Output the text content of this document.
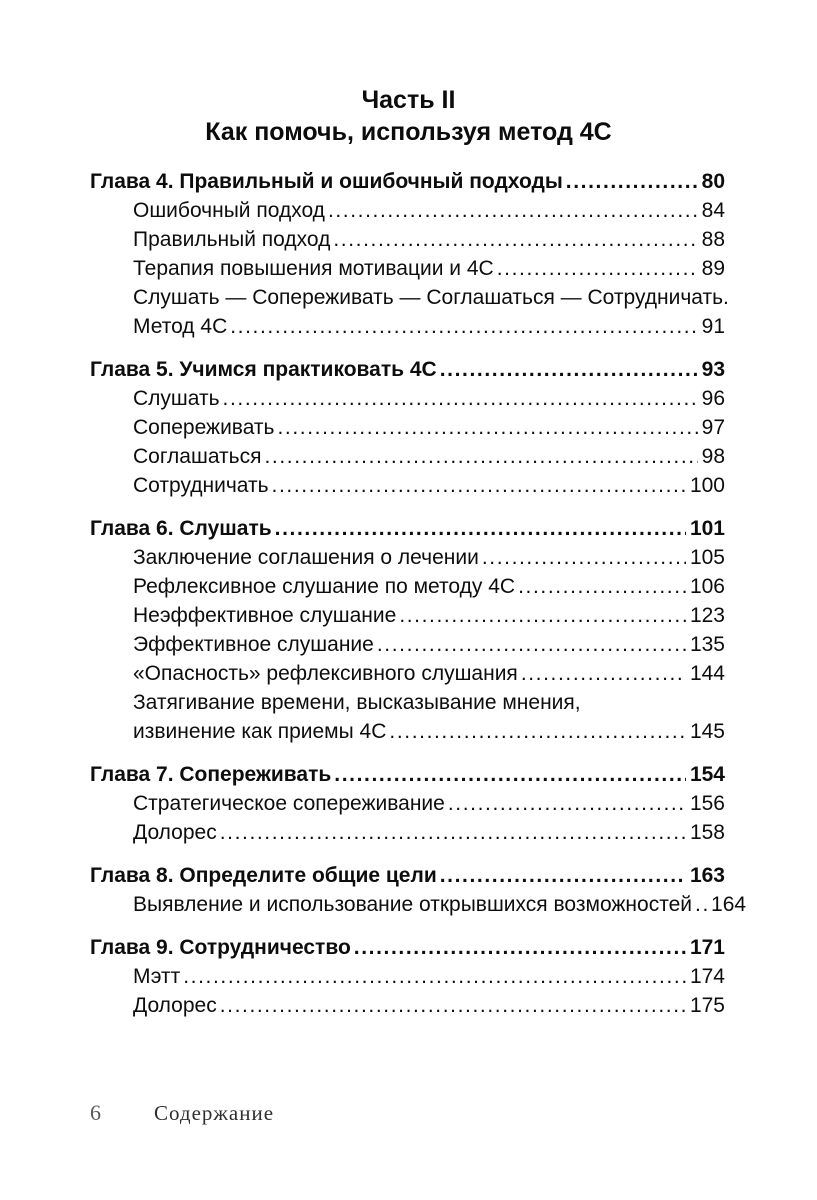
Часть II
Как помочь, используя метод 4С
Глава 4. Правильный и ошибочный подходы .....	80
Ошибочный подход .....	84
Правильный подход .....	88
Терапия повышения мотивации и 4С .....	89
Слушать — Сопереживать — Соглашаться — Сотрудничать.
Метод 4С .....	91
Глава 5. Учимся практиковать 4С .....	93
Слушать .....	96
Сопереживать .....	97
Соглашаться .....	98
Сотрудничать .....	100
Глава 6. Слушать .....	101
Заключение соглашения о лечении .....	105
Рефлексивное слушание по методу 4С .....	106
Неэффективное слушание .....	123
Эффективное слушание .....	135
«Опасность» рефлексивного слушания .....	144
Затягивание времени, высказывание мнения,
извинение как приемы 4С .....	145
Глава 7. Сопереживать .....	154
Стратегическое сопереживание .....	156
Долорес .....	158
Глава 8. Определите общие цели .....	163
Выявление и использование открывшихся возможностей ..... 164
Глава 9. Сотрудничество .....	171
Мэтт .....	174
Долорес .....	175
6	Содержание
